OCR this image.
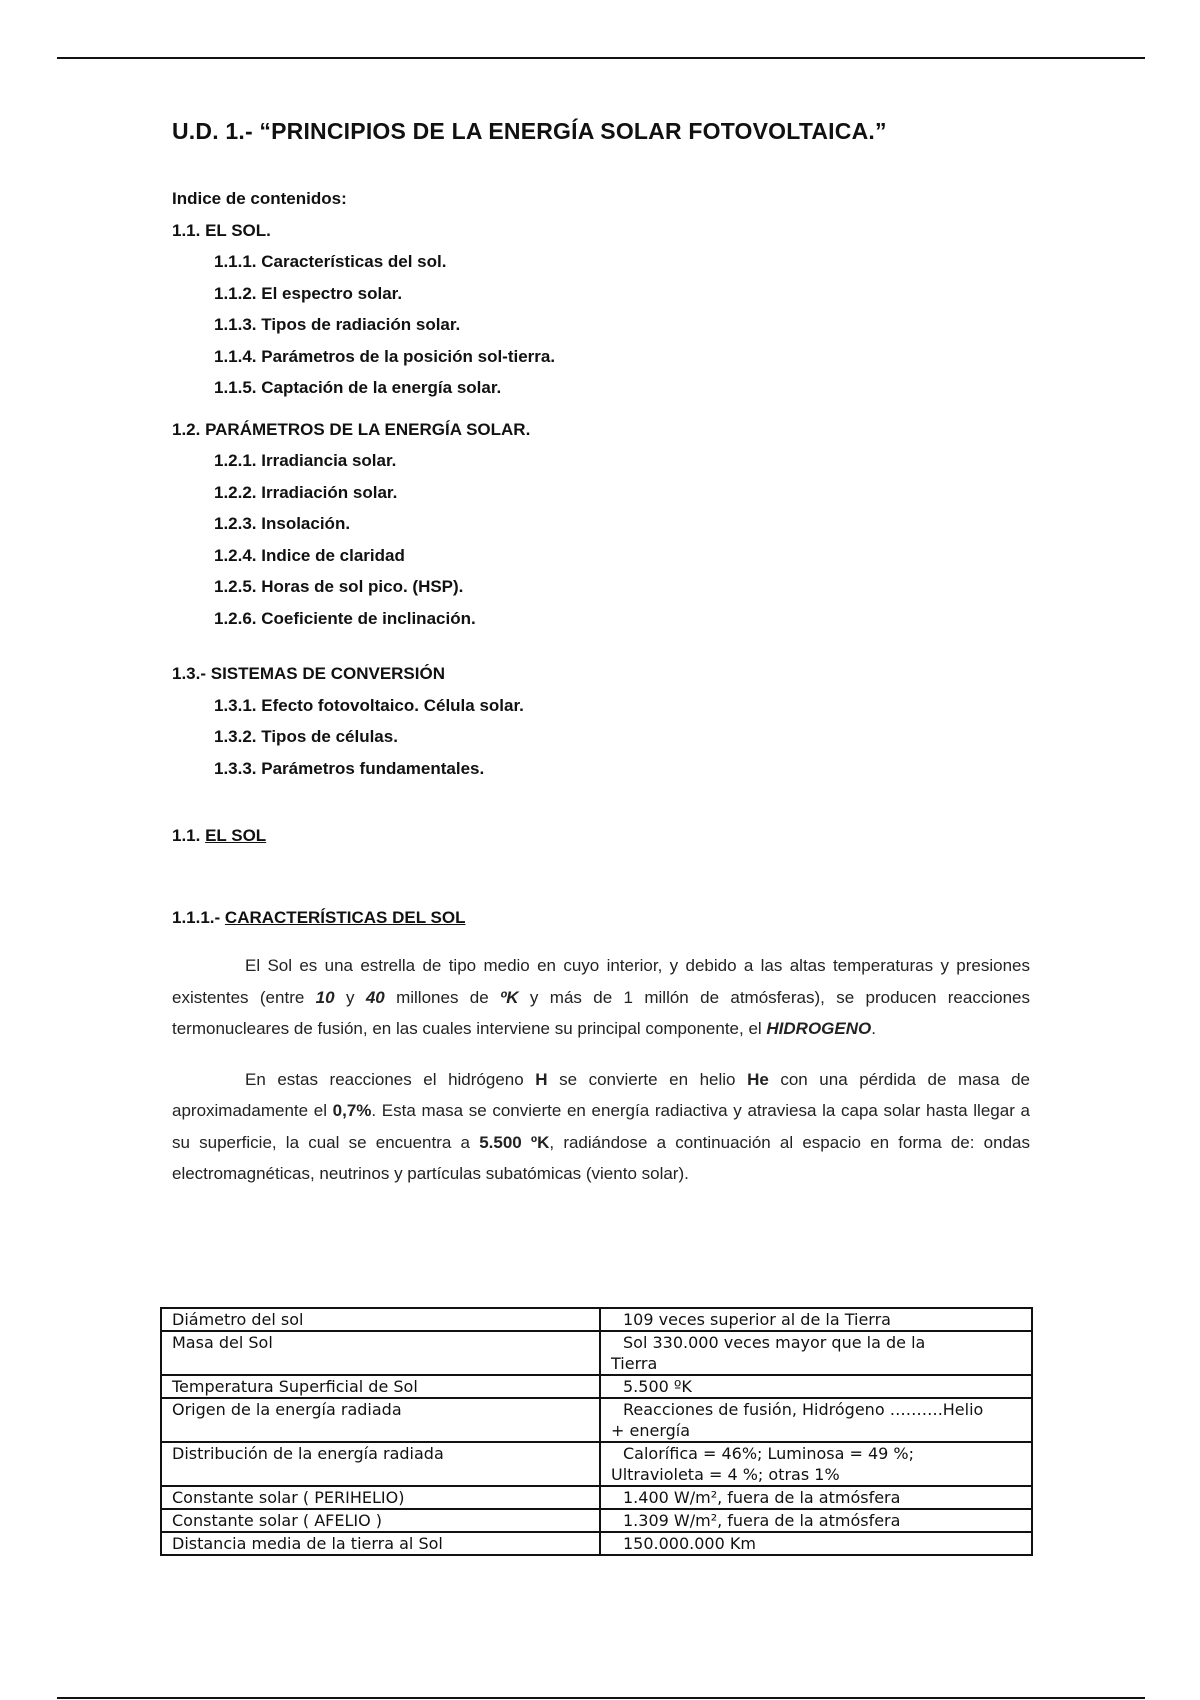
U.D. 1.- “PRINCIPIOS DE LA ENERGÍA SOLAR FOTOVOLTAICA.”
Indice de contenidos:
1.1. EL SOL.
1.1.1. Características del sol.
1.1.2. El espectro solar.
1.1.3. Tipos de radiación solar.
1.1.4. Parámetros de la posición sol-tierra.
1.1.5. Captación de la energía solar.
1.2. PARÁMETROS DE LA ENERGÍA SOLAR.
1.2.1. Irradiancia solar.
1.2.2. Irradiación solar.
1.2.3. Insolación.
1.2.4. Indice de claridad
1.2.5. Horas de sol pico. (HSP).
1.2.6. Coeficiente de inclinación.
1.3.- SISTEMAS DE CONVERSIÓN
1.3.1. Efecto fotovoltaico. Célula solar.
1.3.2. Tipos de células.
1.3.3. Parámetros fundamentales.
1.1. EL SOL
1.1.1.- CARACTERÍSTICAS DEL SOL

El Sol es una estrella de tipo medio en cuyo interior, y debido a las altas temperaturas y presiones existentes (entre 10 y 40 millones de ºK y más de 1 millón de atmósferas), se producen reacciones termonucleares de fusión, en las cuales interviene su principal componente, el HIDROGENO.

En estas reacciones el hidrógeno H se convierte en helio He con una pérdida de masa de aproximadamente el 0,7%. Esta masa se convierte en energía radiactiva y atraviesa la capa solar hasta llegar a su superficie, la cual se encuentra a 5.500 ºK, radiándose a continuación al espacio en forma de: ondas electromagnéticas, neutrinos y partículas subatómicas (viento solar).

Diámetro del sol	109 veces superior al de la Tierra
Masa del Sol	Sol 330.000 veces mayor que la de la
Tierra
Temperatura Superficial de Sol	5.500 ºK
Origen de la energía radiada	Reacciones de fusión, Hidrógeno ……….Helio
+ energía
Distribución de la energía radiada	Calorífica = 46%; Luminosa = 49 %;
Ultravioleta = 4 %; otras 1%
Constante solar ( PERIHELIO)	1.400 W/m², fuera de la atmósfera
Constante solar ( AFELIO )	1.309 W/m², fuera de la atmósfera
Distancia media de la tierra al Sol	150.000.000 Km
